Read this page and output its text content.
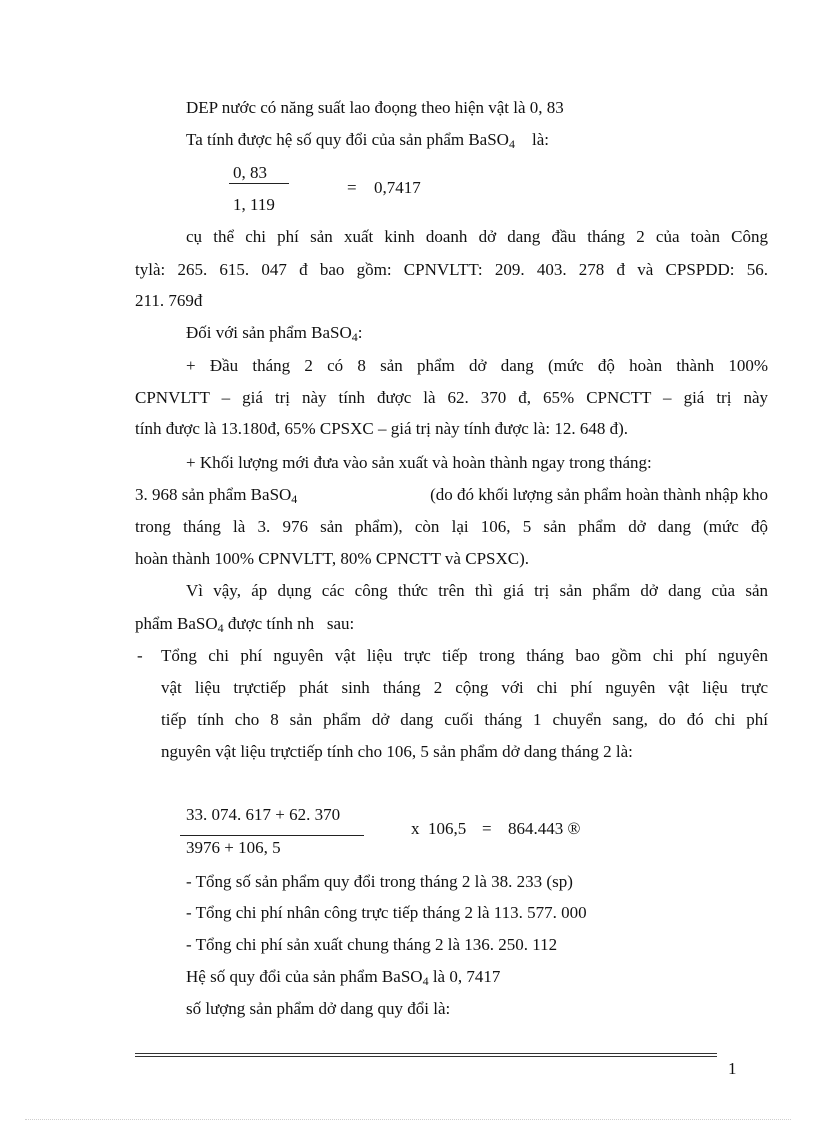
DEP nước có năng suất lao đoọng theo hiện vật là 0, 83
Ta tính được hệ số quy đổi của sản phẩm BaSO$_4$ là:
0, 83
1, 119
= 0,7417
cụ thể chi phí sản xuất kinh doanh dở dang đầu tháng 2 của toàn Công
tylà: 265. 615. 047 đ bao gồm: CPNVLTT: 209. 403. 278 đ và CPSPDD: 56.
211. 769đ
Đối với sản phẩm BaSO$_4$:
+ Đầu tháng 2 có 8 sản phẩm dở dang (mức độ hoàn thành 100%
CPNVLTT – giá trị này tính được là 62. 370 đ, 65% CPNCTT – giá trị này
tính được là 13.180đ, 65% CPSXC – giá trị này tính được là: 12. 648 đ).
+ Khối lượng mới đưa vào sản xuất và hoàn thành ngay trong tháng:
3. 968 sản phẩm BaSO$_4$	(do đó khối lượng sản phẩm hoàn thành nhập kho
trong tháng là 3. 976 sản phẩm), còn lại 106, 5 sản phẩm dở dang (mức độ
hoàn thành 100% CPNVLTT, 80% CPNCTT và CPSXC).
Vì vậy, áp dụng các công thức trên thì giá trị sản phẩm dở dang của sản
phẩm BaSO$_4$ được tính nh   sau:
- Tổng chi phí nguyên vật liệu trực tiếp trong tháng bao gồm chi phí nguyên
vật liệu trựctiếp phát sinh tháng 2 cộng với chi phí nguyên vật liệu trực
tiếp tính cho 8 sản phẩm dở dang cuối tháng 1 chuyển sang, do đó chi phí
nguyên vật liệu trựctiếp tính cho 106, 5 sản phẩm dở dang tháng 2 là:
33. 074. 617 + 62. 370
3976 + 106, 5
x  106,5 = 864.443 ®
- Tổng số sản phẩm quy đổi trong tháng 2 là 38. 233 (sp)
- Tổng chi phí nhân công trực tiếp tháng 2 là 113. 577. 000
- Tổng chi phí sản xuất chung tháng 2 là 136. 250. 112
Hệ số quy đổi của sản phẩm BaSO$_4$ là 0, 7417
số lượng sản phẩm dở dang quy đổi là:
1
